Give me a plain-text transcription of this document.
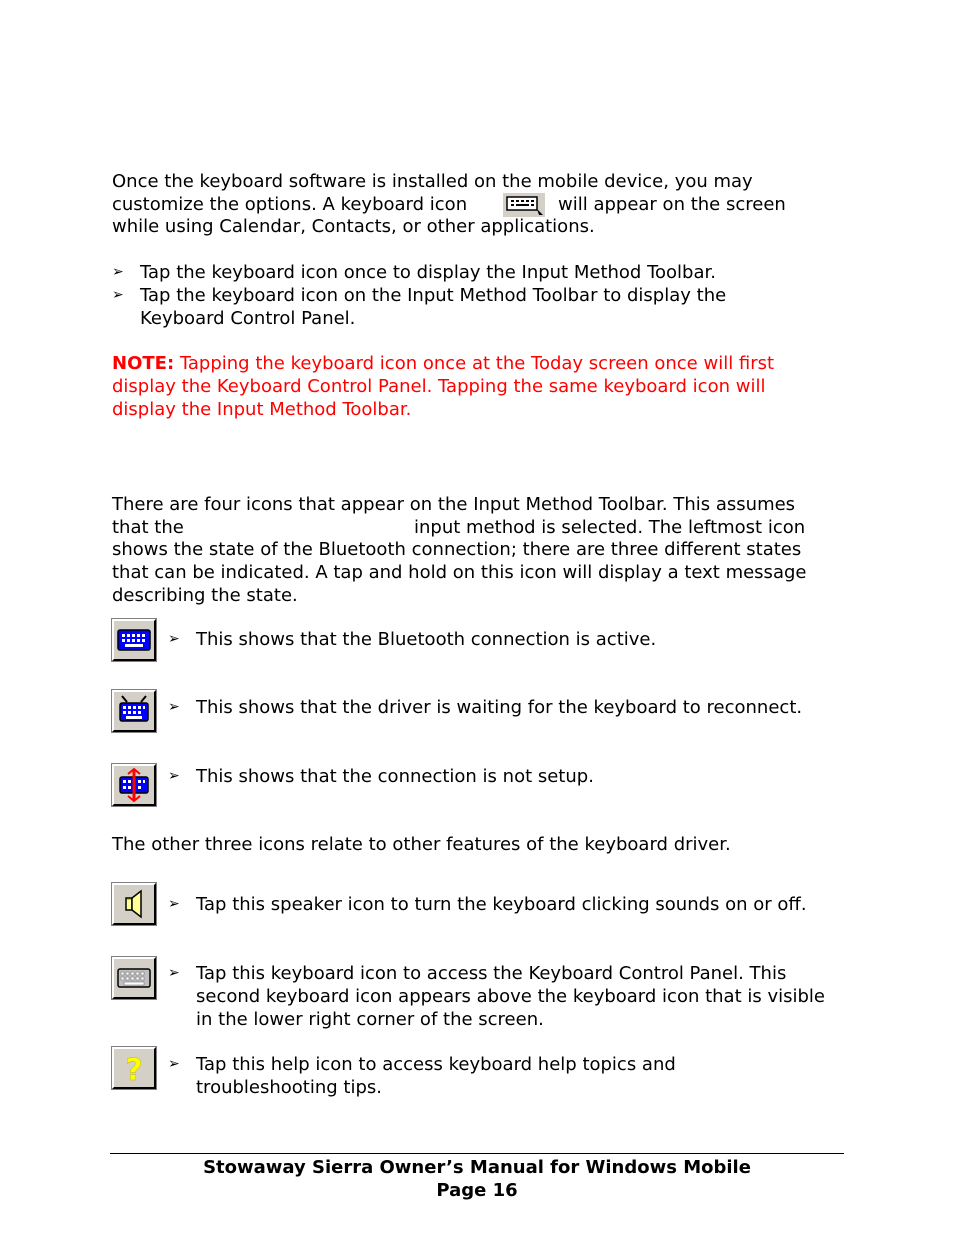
Once the keyboard software is installed on the mobile device, you may
customize the options. A keyboard icon	will appear on the screen
while using Calendar, Contacts, or other applications.
➢ Tap the keyboard icon once to display the Input Method Toolbar.
➢ Tap the keyboard icon on the Input Method Toolbar to display the Keyboard Control Panel.
NOTE: Tapping the keyboard icon once at the Today screen once will first display the Keyboard Control Panel. Tapping the same keyboard icon will display the Input Method Toolbar.
There are four icons that appear on the Input Method Toolbar. This assumes
that the	input method is selected. The leftmost icon
shows the state of the Bluetooth connection; there are three different states
that can be indicated. A tap and hold on this icon will display a text message
describing the state.
➢ This shows that the Bluetooth connection is active.
➢ This shows that the driver is waiting for the keyboard to reconnect.
➢ This shows that the connection is not setup.
The other three icons relate to other features of the keyboard driver.
➢ Tap this speaker icon to turn the keyboard clicking sounds on or off.
➢ Tap this keyboard icon to access the Keyboard Control Panel. This second keyboard icon appears above the keyboard icon that is visible in the lower right corner of the screen.
? ➢ Tap this help icon to access keyboard help topics and troubleshooting tips.
Stowaway Sierra Owner’s Manual for Windows Mobile
Page 16
